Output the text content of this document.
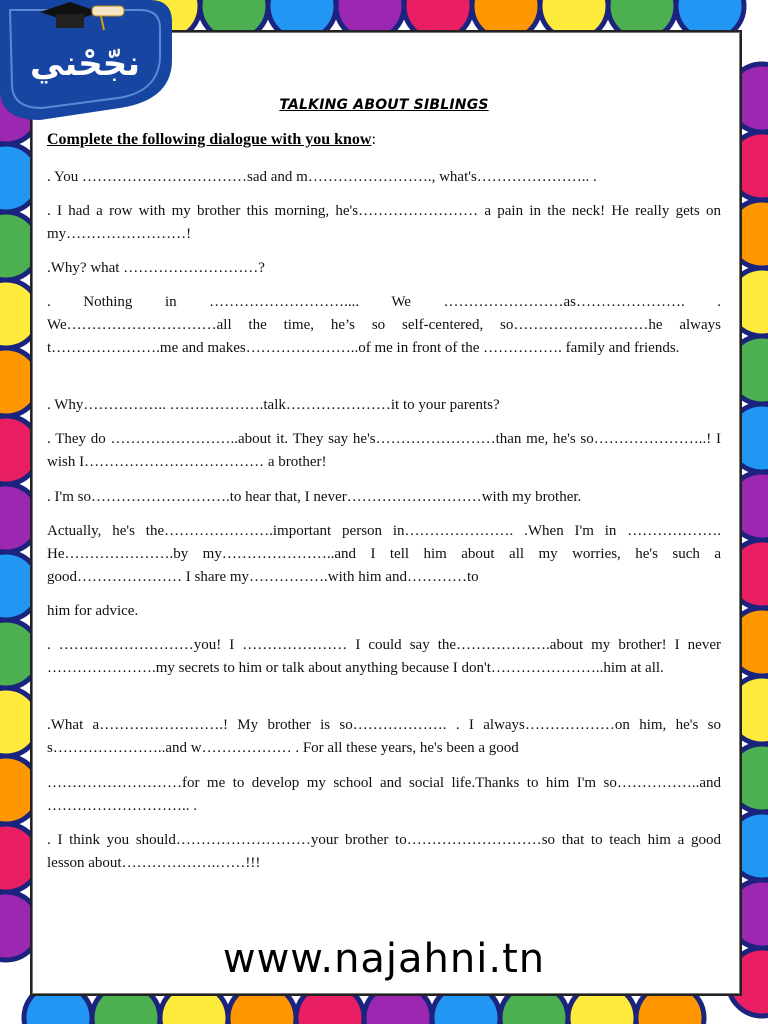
نجّحْني
TALKING ABOUT SIBLINGS
Complete the following dialogue with you know:
. You ……………………………sad and m……………………., what's………………….. .
. I had a row with my brother this morning, he's…………………… a pain in the neck! He really gets on my……………………!
.Why? what ………………………?
. Nothing in ……………………….... We ……………………as…………………. . We…………………………all the time, he’s so self-centered, so………………………he always t………………….me and makes…………………..of me in front of the ……………. family and friends.
. Why…………….. ……………….talk…………………it to your parents?
. They do ……………………..about it. They say he's……………………than me, he's so…………………..! I wish I……………………………… a brother!
. I'm so……………………….to hear that, I never………………………with my brother.
Actually, he's the………………….important person in…………………. .When I'm in ………………. He………………….by my…………………..and I tell him about all my worries, he's such a good………………… I share my…………….with him and…………to
him for advice.
. ………………………you! I ………………… I could say the……………….about my brother! I never ………………….my secrets to him or talk about anything because I don't…………………..him at all.
.What a…………………….! My brother is so………………. . I always………………on him, he's so s…………………..and w……………… . For all these years, he's been a good
………………………for me to develop my school and social life.Thanks to him I'm so……………..and ……………………….. .
. I think you should………………………your brother to………………………so that to teach him a good lesson about……………….……!!!
www.najahni.tn
